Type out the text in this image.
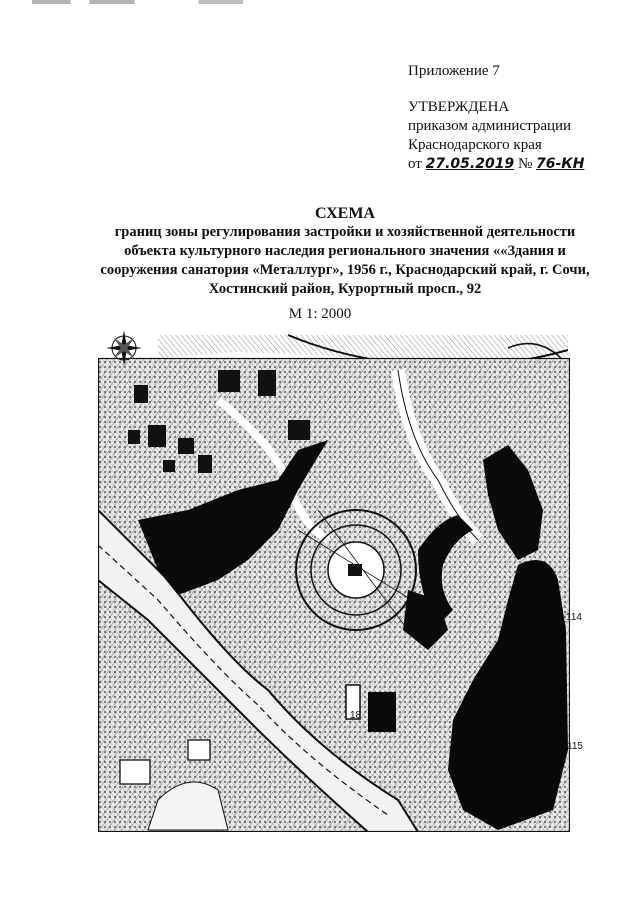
Приложение 7
УТВЕРЖДЕНА
приказом администрации
Краснодарского края
от 27.05.2019 № 76-КН
СХЕМА
границ зоны регулирования застройки и хозяйственной деятельности
объекта культурного наследия регионального значения ««Здания и
сооружения санатория «Металлург», 1956 г., Краснодарский край, г. Сочи,
Хостинский район, Курортный просп., 92
М 1: 2000
114
115
18
